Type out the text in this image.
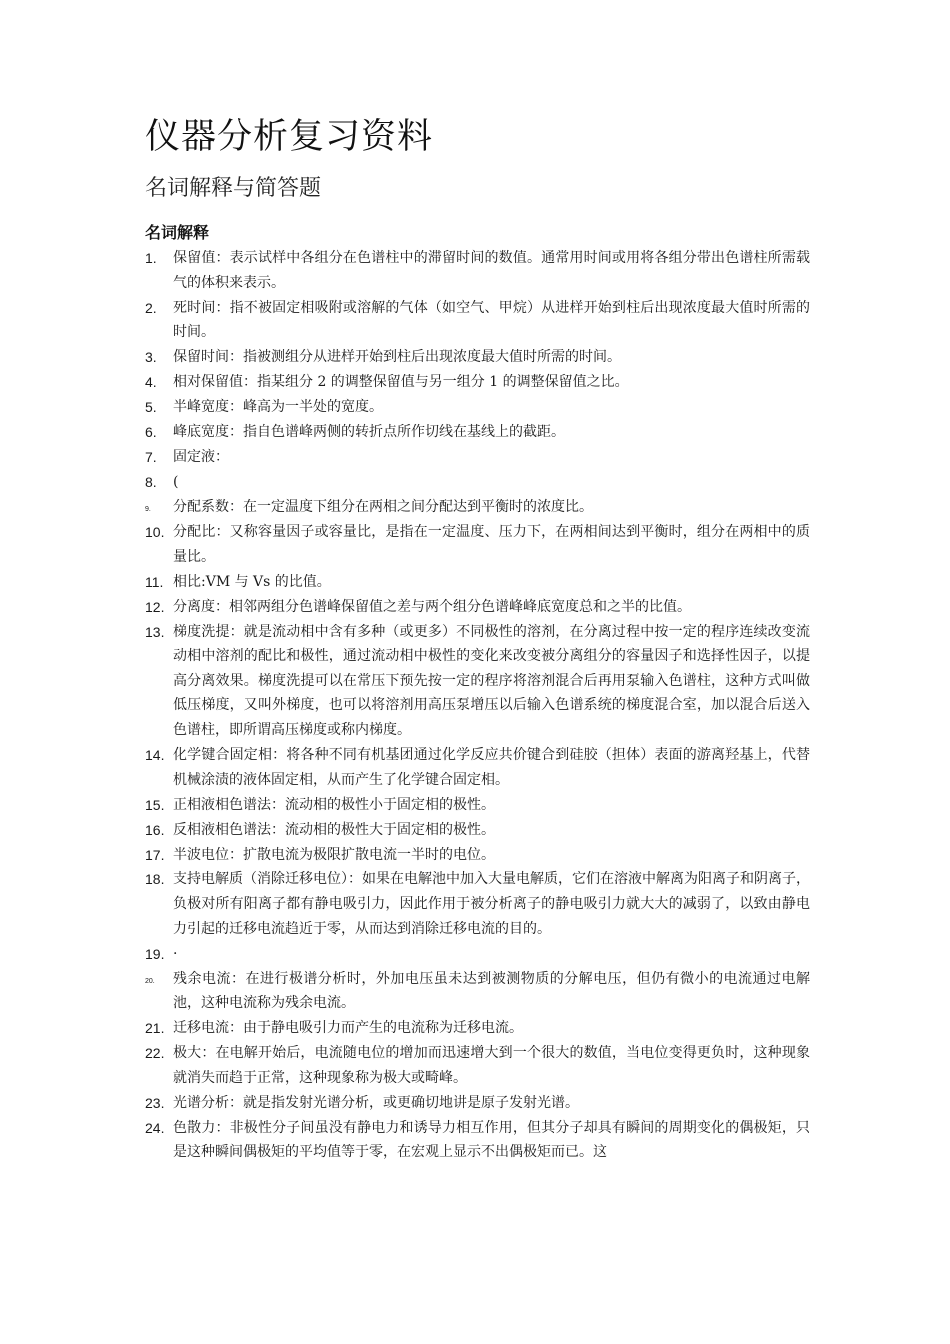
仪器分析复习资料
名词解释与简答题
名词解释
1. 保留值：表示试样中各组分在色谱柱中的滞留时间的数值。通常用时间或用将各组分带出色谱柱所需载气的体积来表示。
2. 死时间：指不被固定相吸附或溶解的气体（如空气、甲烷）从进样开始到柱后出现浓度最大值时所需的时间。
3. 保留时间：指被测组分从进样开始到柱后出现浓度最大值时所需的时间。
4. 相对保留值：指某组分 2 的调整保留值与另一组分 1 的调整保留值之比。
5. 半峰宽度：峰高为一半处的宽度。
6. 峰底宽度：指自色谱峰两侧的转折点所作切线在基线上的截距。
7. 固定液：
8. (
9. 分配系数：在一定温度下组分在两相之间分配达到平衡时的浓度比。
10. 分配比：又称容量因子或容量比，是指在一定温度、压力下，在两相间达到平衡时，组分在两相中的质量比。
11. 相比:VM 与 Vs 的比值。
12. 分离度：相邻两组分色谱峰保留值之差与两个组分色谱峰峰底宽度总和之半的比值。
13. 梯度洗提：就是流动相中含有多种（或更多）不同极性的溶剂，在分离过程中按一定的程序连续改变流动相中溶剂的配比和极性，通过流动相中极性的变化来改变被分离组分的容量因子和选择性因子，以提高分离效果。梯度洗提可以在常压下预先按一定的程序将溶剂混合后再用泵输入色谱柱，这种方式叫做低压梯度，又叫外梯度，也可以将溶剂用高压泵增压以后输入色谱系统的梯度混合室，加以混合后送入色谱柱，即所谓高压梯度或称内梯度。
14. 化学键合固定相：将各种不同有机基团通过化学反应共价键合到硅胶（担体）表面的游离羟基上，代替机械涂渍的液体固定相，从而产生了化学键合固定相。
15. 正相液相色谱法：流动相的极性小于固定相的极性。
16. 反相液相色谱法：流动相的极性大于固定相的极性。
17. 半波电位：扩散电流为极限扩散电流一半时的电位。
18. 支持电解质（消除迁移电位）：如果在电解池中加入大量电解质，它们在溶液中解离为阳离子和阴离子，负极对所有阳离子都有静电吸引力，因此作用于被分析离子的静电吸引力就大大的减弱了，以致由静电力引起的迁移电流趋近于零，从而达到消除迁移电流的目的。
19. ·
20. 残余电流：在进行极谱分析时，外加电压虽未达到被测物质的分解电压，但仍有微小的电流通过电解池，这种电流称为残余电流。
21. 迁移电流：由于静电吸引力而产生的电流称为迁移电流。
22. 极大：在电解开始后，电流随电位的增加而迅速增大到一个很大的数值，当电位变得更负时，这种现象就消失而趋于正常，这种现象称为极大或畸峰。
23. 光谱分析：就是指发射光谱分析，或更确切地讲是原子发射光谱。
24. 色散力：非极性分子间虽没有静电力和诱导力相互作用，但其分子却具有瞬间的周期变化的偶极矩，只是这种瞬间偶极矩的平均值等于零，在宏观上显示不出偶极矩而已。这
